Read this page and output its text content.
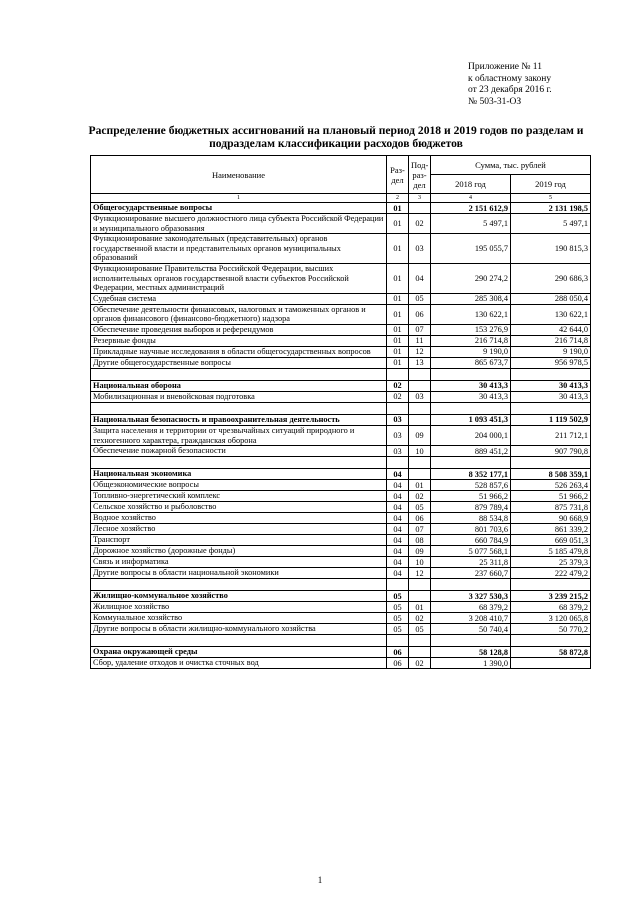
Приложение № 11
к областному закону
от 23 декабря 2016 г.
№ 503-31-ОЗ
Распределение бюджетных ассигнований на плановый период 2018 и 2019 годов по разделам и подразделам классификации расходов бюджетов
Наименование	Раз-дел	Под-раз-дел	Сумма, тыс. рублей	
			2018 год	2019 год
1	2	3	4	5
Общегосударственные вопросы	01		2 151 612,9	2 131 198,5
Функционирование высшего должностного лица субъекта Российской Федерации и муниципального образования	01	02	5 497,1	5 497,1
Функционирование законодательных (представительных) органов государственной власти и представительных органов муниципальных образований	01	03	195 055,7	190 815,3
Функционирование Правительства Российской Федерации, высших исполнительных органов государственной власти субъектов Российской Федерации, местных администраций	01	04	290 274,2	290 686,3
Судебная система	01	05	285 308,4	288 050,4
Обеспечение деятельности финансовых, налоговых и таможенных органов и органов финансового (финансово-бюджетного) надзора	01	06	130 622,1	130 622,1
Обеспечение проведения выборов и референдумов	01	07	153 276,9	42 644,0
Резервные фонды	01	11	216 714,8	216 714,8
Прикладные научные исследования в области общегосударственных вопросов	01	12	9 190,0	9 190,0
Другие общегосударственные вопросы	01	13	865 673,7	956 978,5

Национальная оборона	02		30 413,3	30 413,3
Мобилизационная и вневойсковая подготовка	02	03	30 413,3	30 413,3

Национальная безопасность и правоохранительная деятельность	03		1 093 451,3	1 119 502,9
Защита населения и территории от чрезвычайных ситуаций природного и техногенного характера, гражданская оборона	03	09	204 000,1	211 712,1
Обеспечение пожарной безопасности	03	10	889 451,2	907 790,8

Национальная экономика	04		8 352 177,1	8 508 359,1
Общеэкономические вопросы	04	01	528 857,6	526 263,4
Топливно-энергетический комплекс	04	02	51 966,2	51 966,2
Сельское хозяйство и рыболовство	04	05	879 789,4	875 731,8
Водное хозяйство	04	06	88 534,8	90 668,9
Лесное хозяйство	04	07	801 703,6	861 339,2
Транспорт	04	08	660 784,9	669 051,3
Дорожное хозяйство (дорожные фонды)	04	09	5 077 568,1	5 185 479,8
Связь и информатика	04	10	25 311,8	25 379,3
Другие вопросы в области национальной экономики	04	12	237 660,7	222 479,2

Жилищно-коммунальное хозяйство	05		3 327 530,3	3 239 215,2
Жилищное хозяйство	05	01	68 379,2	68 379,2
Коммунальное хозяйство	05	02	3 208 410,7	3 120 065,8
Другие вопросы в области жилищно-коммунального хозяйства	05	05	50 740,4	50 770,2

Охрана окружающей среды	06		58 128,8	58 872,8
Сбор, удаление отходов и очистка сточных вод	06	02	1 390,0	
1
